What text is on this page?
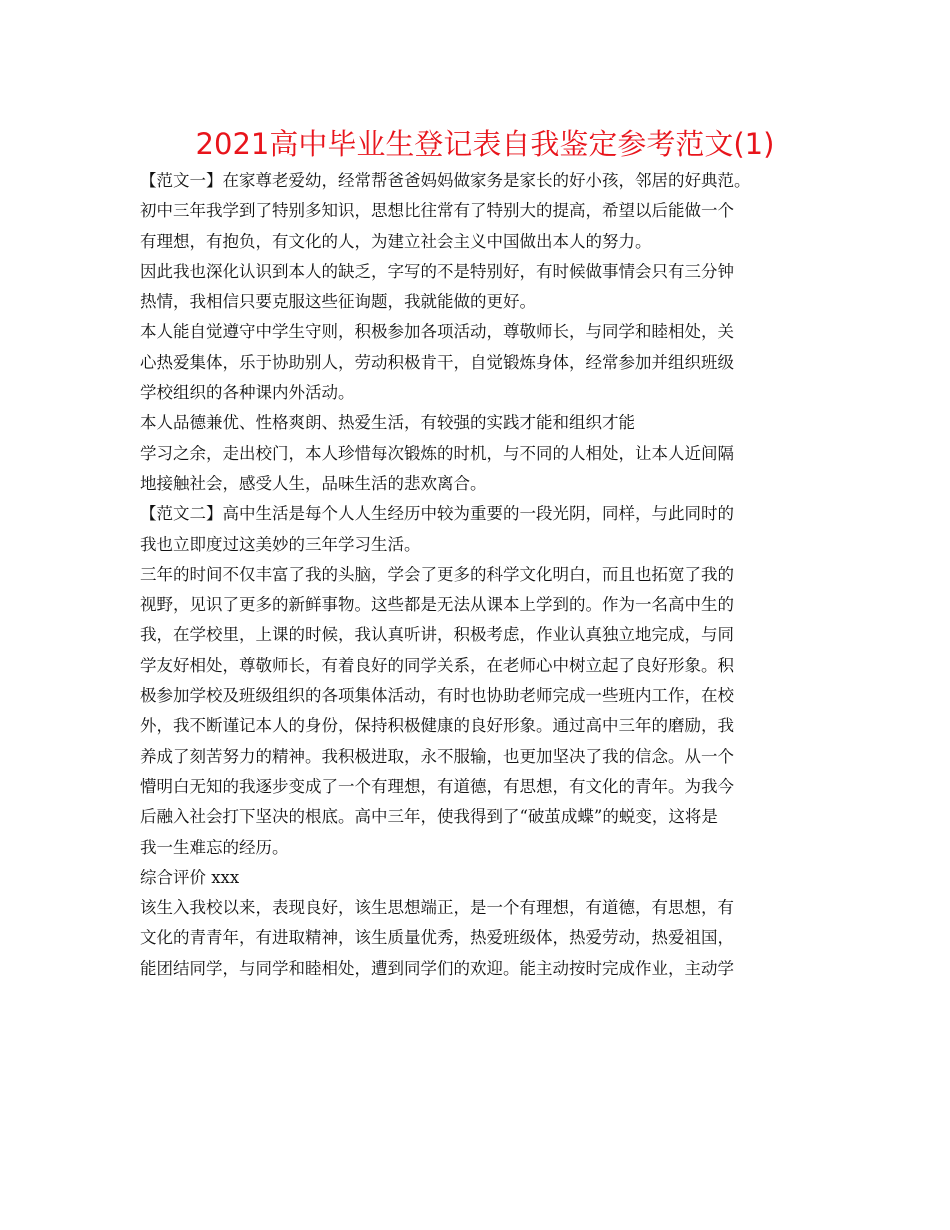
2021高中毕业生登记表自我鉴定参考范文(1)
【范文一】在家尊老爱幼，经常帮爸爸妈妈做家务是家长的好小孩，邻居的好典范。
初中三年我学到了特别多知识，思想比往常有了特别大的提高，希望以后能做一个
有理想，有抱负，有文化的人，为建立社会主义中国做出本人的努力。
因此我也深化认识到本人的缺乏，字写的不是特别好，有时候做事情会只有三分钟
热情，我相信只要克服这些征询题，我就能做的更好。
本人能自觉遵守中学生守则，积极参加各项活动，尊敬师长，与同学和睦相处，关
心热爱集体，乐于协助别人，劳动积极肯干，自觉锻炼身体，经常参加并组织班级
学校组织的各种课内外活动。
本人品德兼优、性格爽朗、热爱生活，有较强的实践才能和组织才能
学习之余，走出校门，本人珍惜每次锻炼的时机，与不同的人相处，让本人近间隔
地接触社会，感受人生，品味生活的悲欢离合。
【范文二】高中生活是每个人人生经历中较为重要的一段光阴，同样，与此同时的
我也立即度过这美妙的三年学习生活。
三年的时间不仅丰富了我的头脑，学会了更多的科学文化明白，而且也拓宽了我的
视野，见识了更多的新鲜事物。这些都是无法从课本上学到的。作为一名高中生的
我，在学校里，上课的时候，我认真听讲，积极考虑，作业认真独立地完成，与同
学友好相处，尊敬师长，有着良好的同学关系，在老师心中树立起了良好形象。积
极参加学校及班级组织的各项集体活动，有时也协助老师完成一些班内工作，在校
外，我不断谨记本人的身份，保持积极健康的良好形象。通过高中三年的磨励，我
养成了刻苦努力的精神。我积极进取，永不服输，也更加坚决了我的信念。从一个
懵明白无知的我逐步变成了一个有理想，有道德，有思想，有文化的青年。为我今
后融入社会打下坚决的根底。高中三年，使我得到了“破茧成蝶”的蜕变，这将是
我一生难忘的经历。
综合评价 xxx
该生入我校以来，表现良好，该生思想端正，是一个有理想，有道德，有思想，有
文化的青青年，有进取精神，该生质量优秀，热爱班级体，热爱劳动，热爱祖国，
能团结同学，与同学和睦相处，遭到同学们的欢迎。能主动按时完成作业，主动学
